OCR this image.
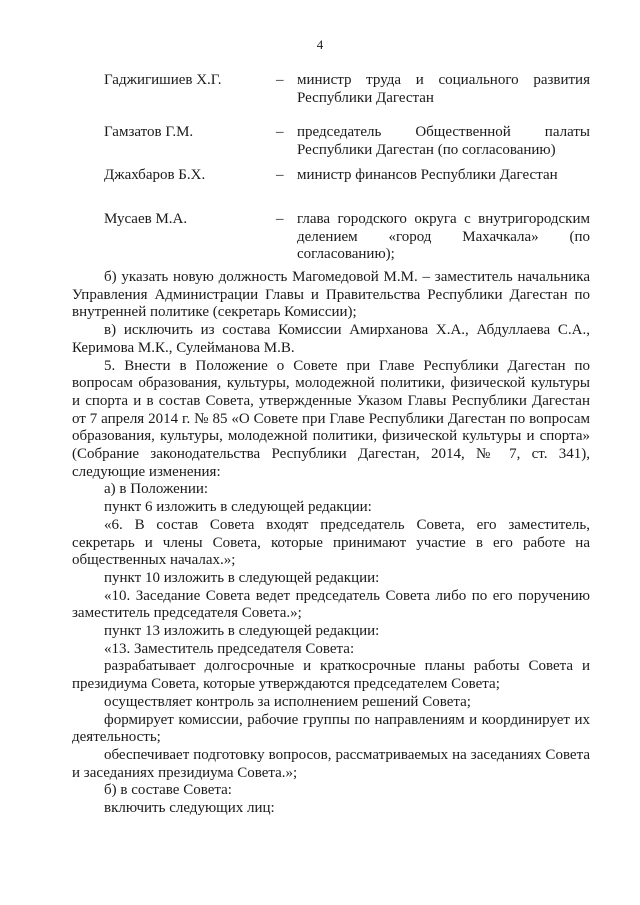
4
Гаджигишиев Х.Г.	– министр труда и социального развития Республики Дагестан
Гамзатов Г.М.	– председатель Общественной палаты Республики Дагестан (по согласованию)
Джахбаров Б.Х.	– министр финансов Республики Дагестан
Мусаев М.А.	– глава городского округа с внутригородским делением «город Махачкала» (по согласованию);

б) указать новую должность Магомедовой М.М. – заместитель начальника Управления Администрации Главы и Правительства Республики Дагестан по внутренней политике (секретарь Комиссии);

в) исключить из состава Комиссии Амирханова Х.А., Абдуллаева С.А., Керимова М.К., Сулейманова М.В.

5. Внести в Положение о Совете при Главе Республики Дагестан по вопросам образования, культуры, молодежной политики, физической культуры и спорта и в состав Совета, утвержденные Указом Главы Республики Дагестан от 7 апреля 2014 г. № 85 «О Совете при Главе Республики Дагестан по вопросам образования, культуры, молодежной политики, физической культуры и спорта» (Собрание законодательства Республики Дагестан, 2014, № 7, ст. 341), следующие изменения:

а) в Положении:

пункт 6 изложить в следующей редакции:

«6. В состав Совета входят председатель Совета, его заместитель, секретарь и члены Совета, которые принимают участие в его работе на общественных началах.»;

пункт 10 изложить в следующей редакции:

«10. Заседание Совета ведет председатель Совета либо по его поручению заместитель председателя Совета.»;

пункт 13 изложить в следующей редакции:

«13. Заместитель председателя Совета:

разрабатывает долгосрочные и краткосрочные планы работы Совета и президиума Совета, которые утверждаются председателем Совета;

осуществляет контроль за исполнением решений Совета;

формирует комиссии, рабочие группы по направлениям и координирует их деятельность;

обеспечивает подготовку вопросов, рассматриваемых на заседаниях Совета и заседаниях президиума Совета.»;

б) в составе Совета:

включить следующих лиц:
